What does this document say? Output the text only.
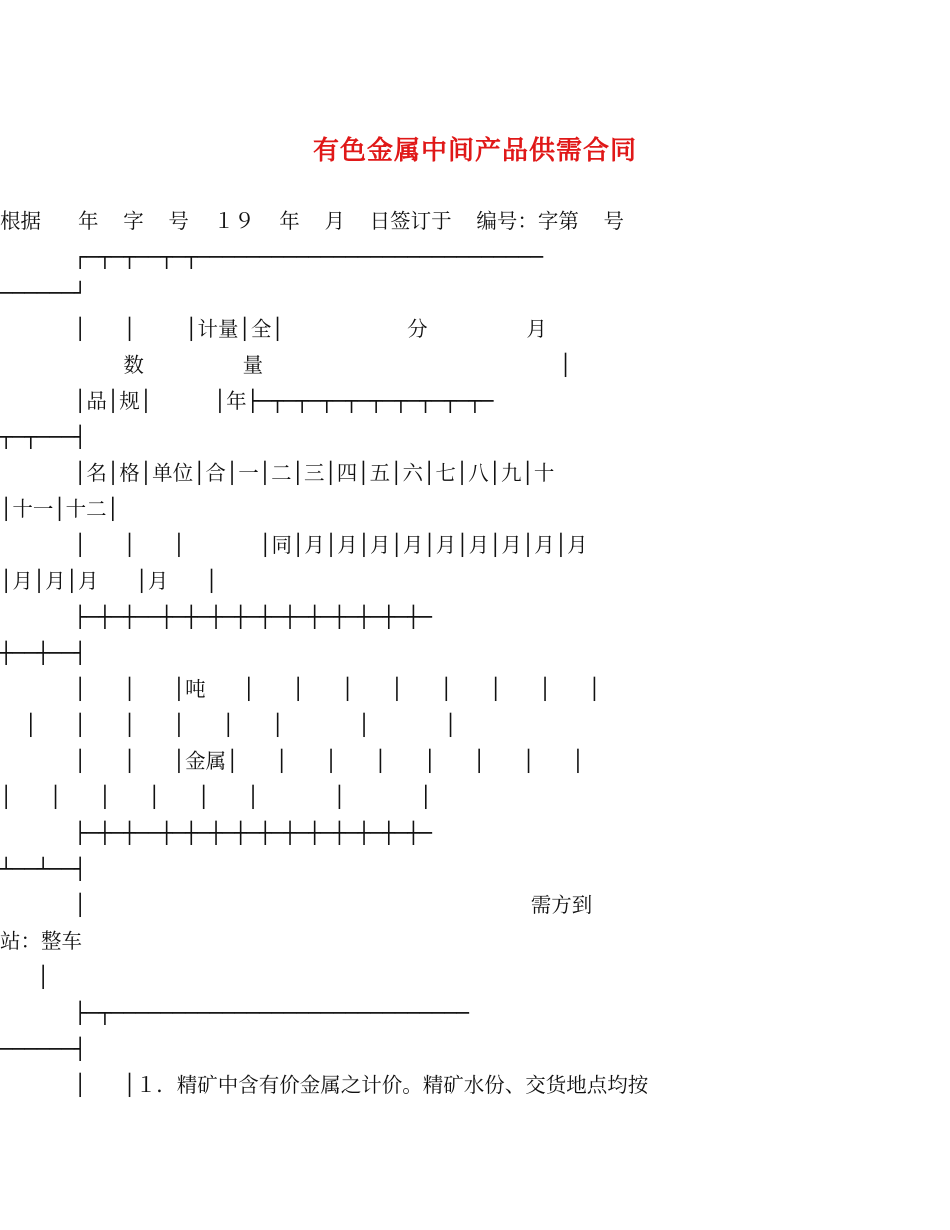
有色金属中间产品供需合同
根据   年  字  号  １９  年  月  日签订于  编号：字第  号
┌─┬─┬──┬─┬────────────────────────────
──────┘
│   │    │计量│全│          分        月
数        量                        │
│品│规│     │年├─┬─┬─┬─┬─┬─┬─┬─┬─┬─
┬─┬───┤
│名│格│单位│合│一│二│三│四│五│六│七│八│九│十
│十一│十二│
│   │   │      │同│月│月│月│月│月│月│月│月│月
│月│月│月   │月   │
├─┼─┼──┼─┼─┼─┼─┼─┼─┼─┼─┼─┼─┼─
┼──┼──┤
│   │   │吨   │   │   │   │   │   │   │   │
│   │   │   │   │   │      │      │
│   │   │金属│   │   │   │   │   │   │   │
│   │   │   │   │   │      │      │
├─┼─┼──┼─┼─┼─┼─┼─┼─┼─┼─┼─┼─┼─
┴──┴──┤
│                                    需方到
站：整车
│
├─┬─────────────────────────────
──────┤
│   │１．精矿中含有价金属之计价。精矿水份、交货地点均按
